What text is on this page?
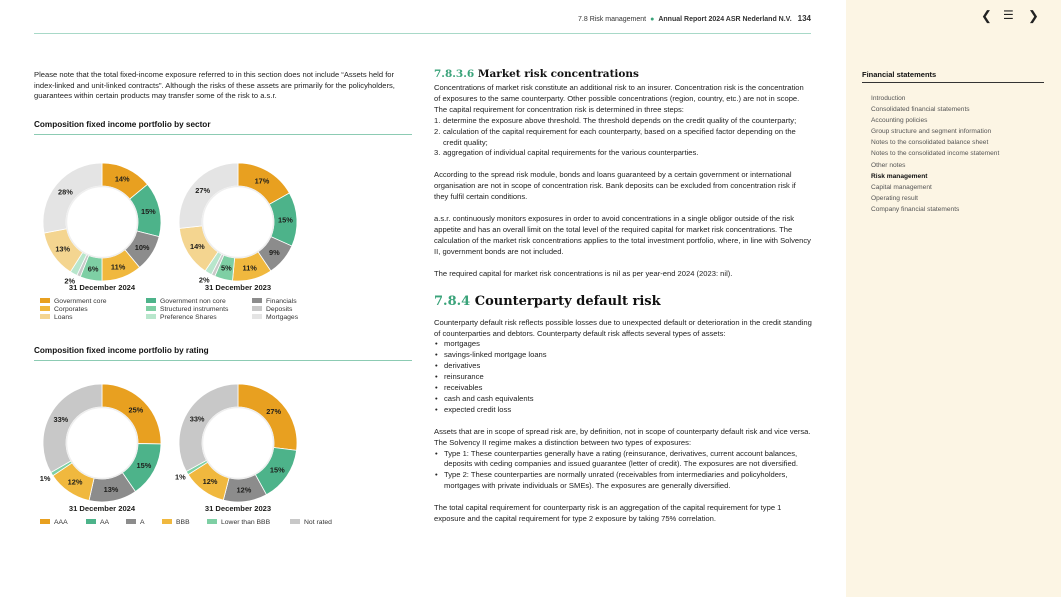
7.8 Risk management ● Annual Report 2024 ASR Nederland N.V. 134

Please note that the total fixed-income exposure referred to in this section does not include “Assets held for index-linked and unit-linked contracts”. Although the risks of these assets are primarily for the policyholders, guarantees within certain products may transfer some of the risk to a.s.r.

Composition fixed income portfolio by sector
14%
15%
10%
11%
6%
2%
13%
28%
31 December 2024
17%
15%
9%
11%
5%
2%
14%
27%
31 December 2023
25%
15%
13%
12%
1%
33%
31 December 2024
27%
15%
12%
12%
1%
33%
31 December 2023
Government core
Corporates
Loans
Government non core
Structured instruments
Preference Shares
Financials
Deposits
Mortgages
Composition fixed income portfolio by rating
AAA	AA	A	BBB	Lower than BBB	Not rated
7.8.3.6 Market risk concentrations

Concentrations of market risk constitute an additional risk to an insurer. Concentration risk is the concentration of exposures to the same counterparty. Other possible concentrations (region, country, etc.) are not in scope. The capital requirement for concentration risk is determined in three steps:

1. determine the exposure above threshold. The threshold depends on the credit quality of the counterparty;
2. calculation of the capital requirement for each counterparty, based on a specified factor depending on the credit quality;
3. aggregation of individual capital requirements for the various counterparties.

According to the spread risk module, bonds and loans guaranteed by a certain government or international organisation are not in scope of concentration risk. Bank deposits can be excluded from concentration risk if they fulfil certain conditions.

a.s.r. continuously monitors exposures in order to avoid concentrations in a single obligor outside of the risk appetite and has an overall limit on the total level of the required capital for market risk concentrations. The calculation of the market risk concentrations applies to the total investment portfolio, where, in line with Solvency II, government bonds are not included.

The required capital for market risk concentrations is nil as per year-end 2024 (2023: nil).

7.8.4 Counterparty default risk

Counterparty default risk reflects possible losses due to unexpected default or deterioration in the credit standing of counterparties and debtors. Counterparty default risk affects several types of assets:

• mortgages
• savings-linked mortgage loans
• derivatives
• reinsurance
• receivables
• cash and cash equivalents
• expected credit loss

Assets that are in scope of spread risk are, by definition, not in scope of counterparty default risk and vice versa. The Solvency II regime makes a distinction between two types of exposures:

• Type 1: These counterparties generally have a rating (reinsurance, derivatives, current account balances, deposits with ceding companies and issued guarantee (letter of credit). The exposures are not diversified.
• Type 2: These counterparties are normally unrated (receivables from intermediaries and policyholders, mortgages with private individuals or SMEs). The exposures are generally diversified.

The total capital requirement for counterparty risk is an aggregation of the capital requirement for type 1 exposure and the capital requirement for type 2 exposure by taking 75% correlation.

❮ ☰ ❯
Financial statements
Introduction
Consolidated financial statements
Accounting policies
Group structure and segment information
Notes to the consolidated balance sheet
Notes to the consolidated income statement
Other notes
Risk management
Capital management
Operating result
Company financial statements
